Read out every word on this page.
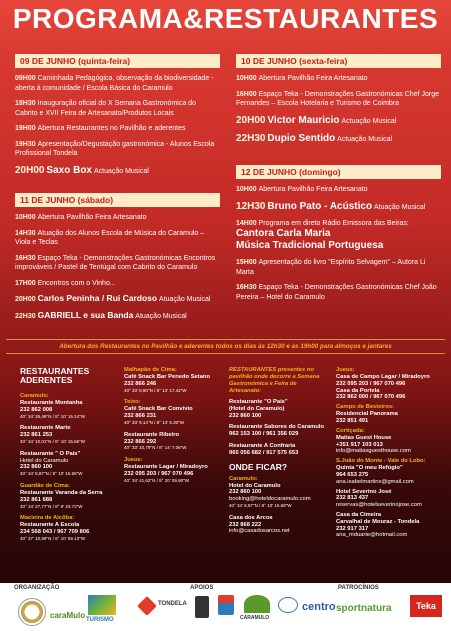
PROGRAMA&RESTAURANTES
09 DE JUNHO (quinta-feira)
09H00 Caminhada Pedagógica, observação da biodiversidade - aberta à comunidade / Escola Básica do Caramulo
18H30 Inauguração oficial do X Semana Gastronómica do Cabrito e XVII Feira de Artesanato/Produtos Locais
19H00 Abertura Restaurantes no Pavilhão e aderentes
19H30 Apresentação/Degustação gastronómica - Alunos Escola Profissional Tondela
20H00 Saxo Box Actuação Musical
10 DE JUNHO (sexta-feira)
10H00 Abertura Pavilhão Feira Artesanato
16H00 Espaço Teka - Demonstrações Gastronómicas Chef Jorge Fernandes – Escola Hotelaria e Turismo de Coimbra
20H00 Victor Mauricio Actuação Musical
22H30 Dupio Sentido Actuação Musical
11 DE JUNHO (sábado)
10H00 Abertura Pavilhão Feira Artesanato
14H30 Atuação dos Alunos Escola de Música do Caramulo – Viola e Teclas
16H30 Espaço Teka - Demonstrações Gastronómicas Encontros improváveis / Pastel de Tentúgal com Cabrito do Caramulo
17H00 Encontros com o Vinho...
20H00 Carlos Peninha / Rui Cardoso Atuação Musical
22H30 GABRIELL e sua Banda Atuação Musical
12 DE JUNHO (domingo)
10H00 Abertura Pavilhão Feira Artesanato
12H30 Bruno Pato - Acústico Atuação Musical
14H00 Programa em direto Rádio Emissora das Beiras:
Cantora Carla Maria
Música Tradicional Portuguesa
15H00 Apresentação do livro "Espírito Selvagem" – Autora Li Marta
16H30 Espaço Teka - Demonstrações Gastronómicas Chef João Pereira – Hotel do Caramulo
Abertura dos Restaurantes no Pavilhão e aderentes todos os dias às 12h30 e às 19h00 para almoços e jantares
RESTAURANTES ADERENTES
Caramulo:
Restaurante Montanha
232 862 008
40° 34' 26,49''N / 8° 10' 15.14''W
Restaurante Marte
232 861 253
40° 34' 10,01''N / 8° 10' 15.66''W
Restaurante " O País"
Hotel do Caramulo
232 860 100
40° 34' 8,87''N / 8° 10' 15.66''W
Guardão de Cima:
Restaurante Varanda da Serra
232 861 688
40° 34' 27,77''N / 8° 9' 23.72''W
Macieira de Alcôba:
Restaurante A Escola
234 568 043 / 967 709 806
40° 37' 10,99''N / 8° 10' 59.13''W
Malhapão de Cima:
Café Snack Bar Penedo Setano
232 866 246
40° 33' 8,90''N / 8° 13' 17.42''W
Teixo:
Café Snack Bar Convívio
232 866 231
40° 33' 9,14''N / 8° 14' 5.30''W
Restaurante Ribeiro
232 866 292
40° 33' 10,79''N / 8° 14' 7.06''W
Jueus:
Restaurante Lagar / Miradoyro
232 095 203 / 967 070 496
40° 34' 41,62''N / 8° 20' 09.90''W
RESTAURANTES presentes no pavilhão onde decorre a Semana Gastronómica e Feira de Artesanato:
Restaurante "O País"
(Hotel do Caramulo)
232 860 100
Restaurante Sabores do Caramulo
962 153 100 / 961 356 029
Restaurante A Confraria
965 056 682 / 917 575 653
ONDE FICAR?
Caramulo:
Hotel do Caramulo
232 860 100
booking@hoteldocaramulo.com
40° 34' 8,97''N / 8° 10' 15.68''W
Casa dos Arcos
232 868 222
info@casadosarcos.net
Jueus:
Casa de Campo Lagar / Miradoyro
232 095 203 / 967 070 496
Casa da Portela
232 862 000 / 967 070 496
Campo de Besteiros:
Residencial Panorama
232 851 491
Cortiçada:
Matias Guest House
+351 917 103 013
info@matiasguesthouse.com
S.João do Monte - Vale do Lobo:
Quinta "O meu Refúgio"
964 653 275
ana.isabelmartins@gmail.com
Hotel Severino José
232 813 437
reservas@hotelseverinojose.com
Casa da Cimeira
Carvalhal de Mouraz - Tondela
232 917 317
ana_mduarte@hotmail.com
ORGANIZAÇÃO
caraMulo TURISMO
TONDELA
APOIOS
CARAMULO
centro
PATROCÍNIOS
sportnatura	Teka
